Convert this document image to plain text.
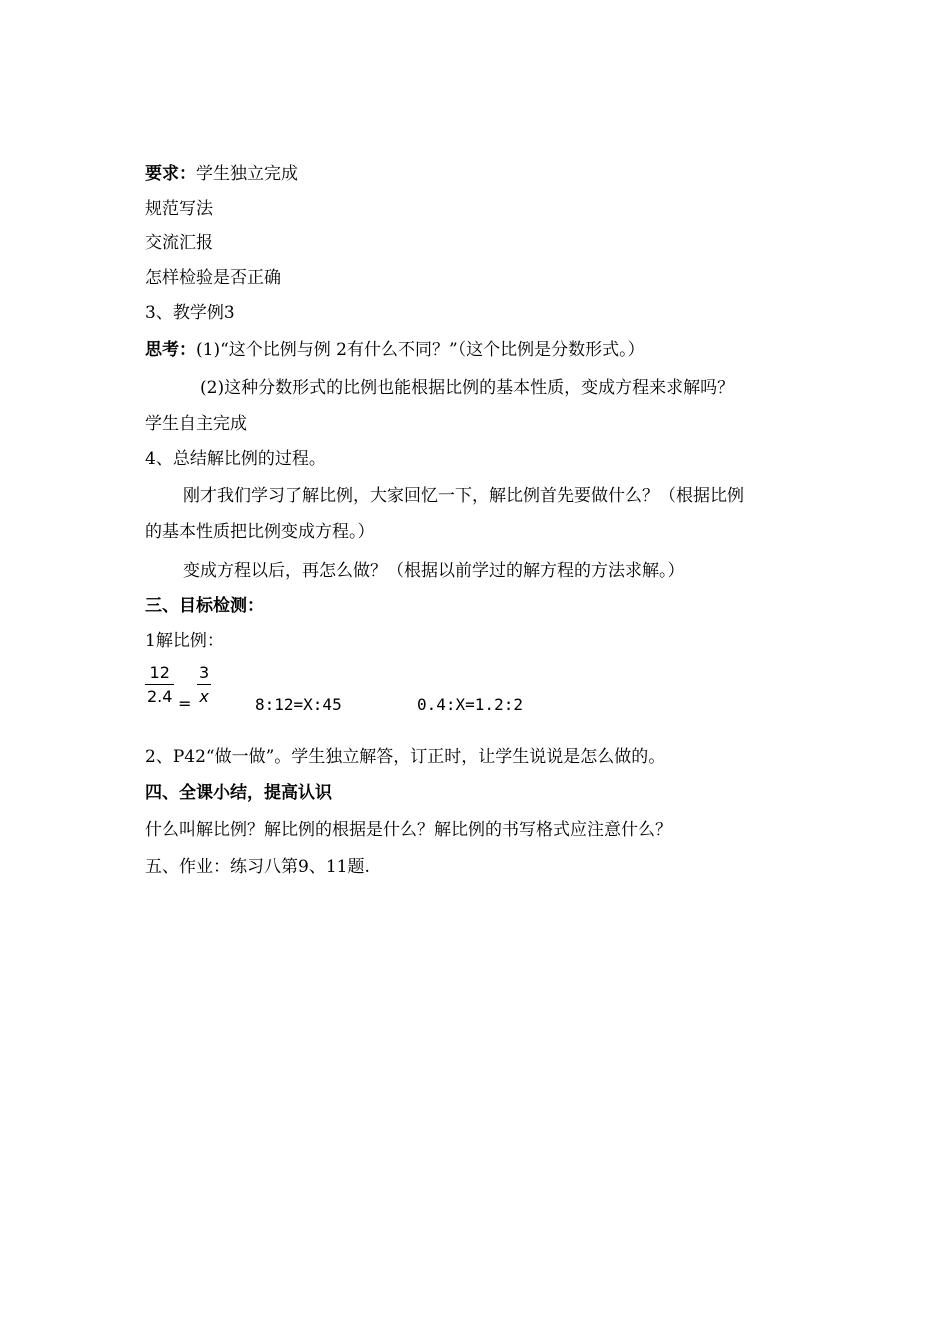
要求：学生独立完成
规范写法
交流汇报
怎样检验是否正确
3、教学例3
思考：(1)“这个比例与例 2有什么不同？”（这个比例是分数形式。）
(2)这种分数形式的比例也能根据比例的基本性质，变成方程来求解吗？
学生自主完成
4、总结解比例的过程。
刚才我们学习了解比例，大家回忆一下，解比例首先要做什么？（根据比例
的基本性质把比例变成方程。）
变成方程以后，再怎么做？（根据以前学过的解方程的方法求解。）
三、目标检测：
1解比例：
$\frac{12}{2.4} = \frac{3}{x}$	8:12=X:45	0.4:X=1.2:2
2、P42“做一做”。学生独立解答，订正时，让学生说说是怎么做的。
四、全课小结，提高认识
什么叫解比例？解比例的根据是什么？解比例的书写格式应注意什么？
五、作业：练习八第9、11题.
